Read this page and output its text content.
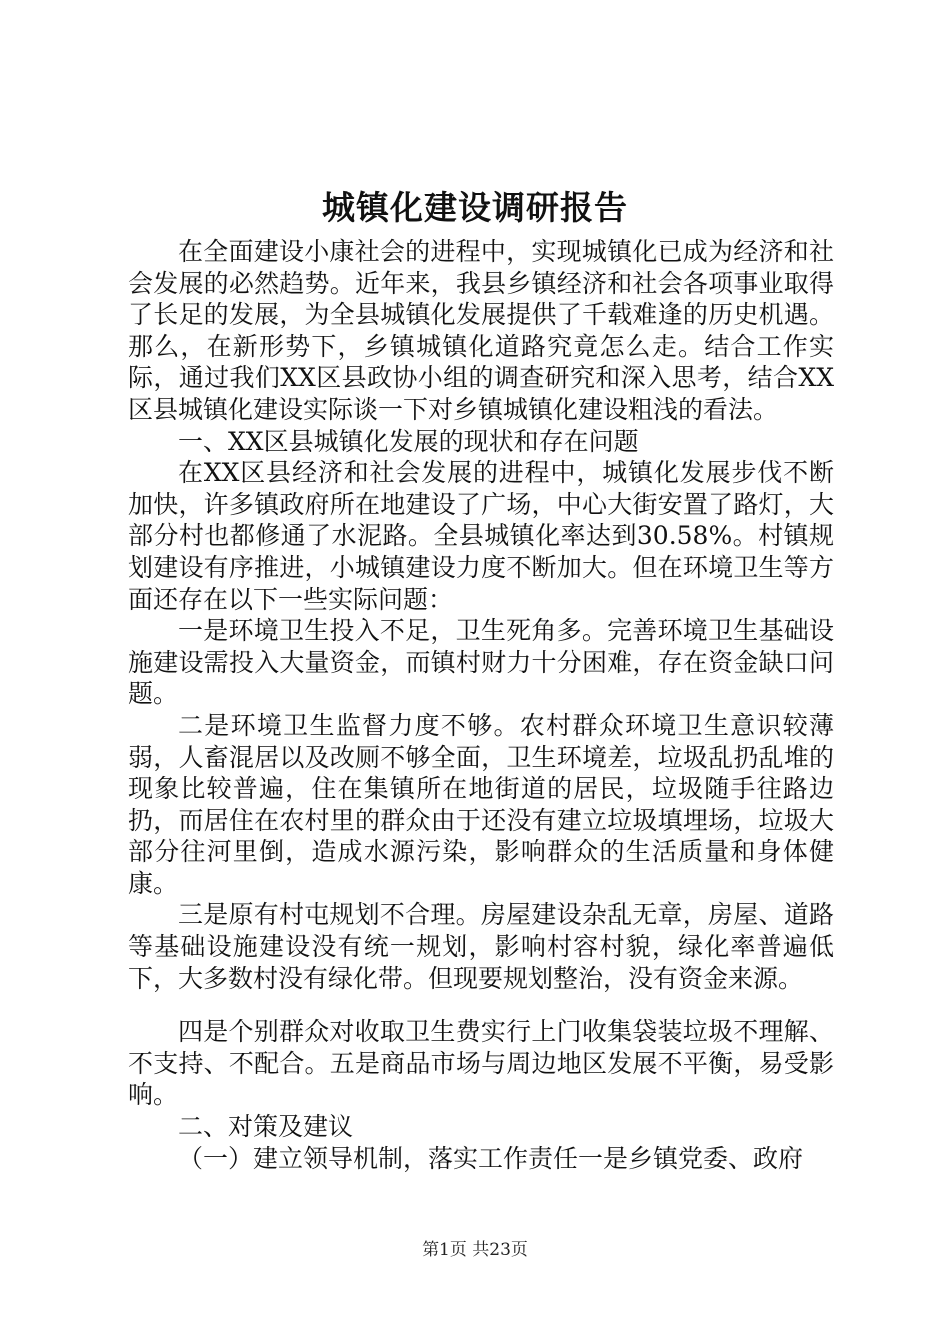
城镇化建设调研报告

在全面建设小康社会的进程中，实现城镇化已成为经济和社会发展的必然趋势。近年来，我县乡镇经济和社会各项事业取得了长足的发展，为全县城镇化发展提供了千载难逢的历史机遇。那么，在新形势下，乡镇城镇化道路究竟怎么走。结合工作实际，通过我们XX区县政协小组的调查研究和深入思考，结合XX区县城镇化建设实际谈一下对乡镇城镇化建设粗浅的看法。

一、XX区县城镇化发展的现状和存在问题

在XX区县经济和社会发展的进程中，城镇化发展步伐不断加快，许多镇政府所在地建设了广场，中心大街安置了路灯，大部分村也都修通了水泥路。全县城镇化率达到30.58%。村镇规划建设有序推进，小城镇建设力度不断加大。但在环境卫生等方面还存在以下一些实际问题：

一是环境卫生投入不足，卫生死角多。完善环境卫生基础设施建设需投入大量资金，而镇村财力十分困难，存在资金缺口问题。

二是环境卫生监督力度不够。农村群众环境卫生意识较薄弱，人畜混居以及改厕不够全面，卫生环境差，垃圾乱扔乱堆的现象比较普遍，住在集镇所在地街道的居民，垃圾随手往路边扔，而居住在农村里的群众由于还没有建立垃圾填埋场，垃圾大部分往河里倒，造成水源污染，影响群众的生活质量和身体健康。

三是原有村屯规划不合理。房屋建设杂乱无章，房屋、道路等基础设施建设没有统一规划，影响村容村貌，绿化率普遍低下，大多数村没有绿化带。但现要规划整治，没有资金来源。

四是个别群众对收取卫生费实行上门收集袋装垃圾不理解、不支持、不配合。五是商品市场与周边地区发展不平衡，易受影响。

二、对策及建议

（一）建立领导机制，落实工作责任一是乡镇党委、政府

第1页 共23页
